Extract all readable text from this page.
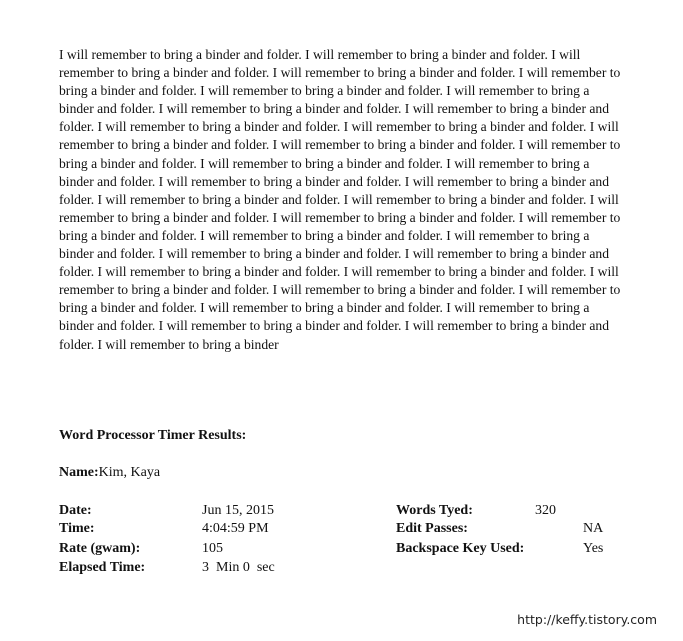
I will remember to bring a binder and folder. I will remember to bring a binder and folder. I will remember to bring a binder and folder. I will remember to bring a binder and folder. I will remember to bring a binder and folder. I will remember to bring a binder and folder. I will remember to bring a binder and folder. I will remember to bring a binder and folder. I will remember to bring a binder and folder. I will remember to bring a binder and folder. I will remember to bring a binder and folder. I will remember to bring a binder and folder. I will remember to bring a binder and folder. I will remember to bring a binder and folder. I will remember to bring a binder and folder. I will remember to bring a binder and folder. I will remember to bring a binder and folder. I will remember to bring a binder and folder. I will remember to bring a binder and folder. I will remember to bring a binder and folder. I will remember to bring a binder and folder. I will remember to bring a binder and folder. I will remember to bring a binder and folder. I will remember to bring a binder and folder. I will remember to bring a binder and folder. I will remember to bring a binder and folder. I will remember to bring a binder and folder. I will remember to bring a binder and folder. I will remember to bring a binder and folder. I will remember to bring a binder and folder. I will remember to bring a binder and folder. I will remember to bring a binder and folder. I will remember to bring a binder and folder. I will remember to bring a binder and folder. I will remember to bring a binder and folder. I will remember to bring a binder and folder. I will remember to bring a binder

Word Processor Timer Results:

Name:Kim, Kaya

Date:
Time:
Rate (gwam):
Elapsed Time:
Jun 15, 2015
4:04:59 PM
105
3  Min 0  sec
Words Tyed:
Edit Passes:
Backspace Key Used:
320
NA
Yes
http://keffy.tistory.com
